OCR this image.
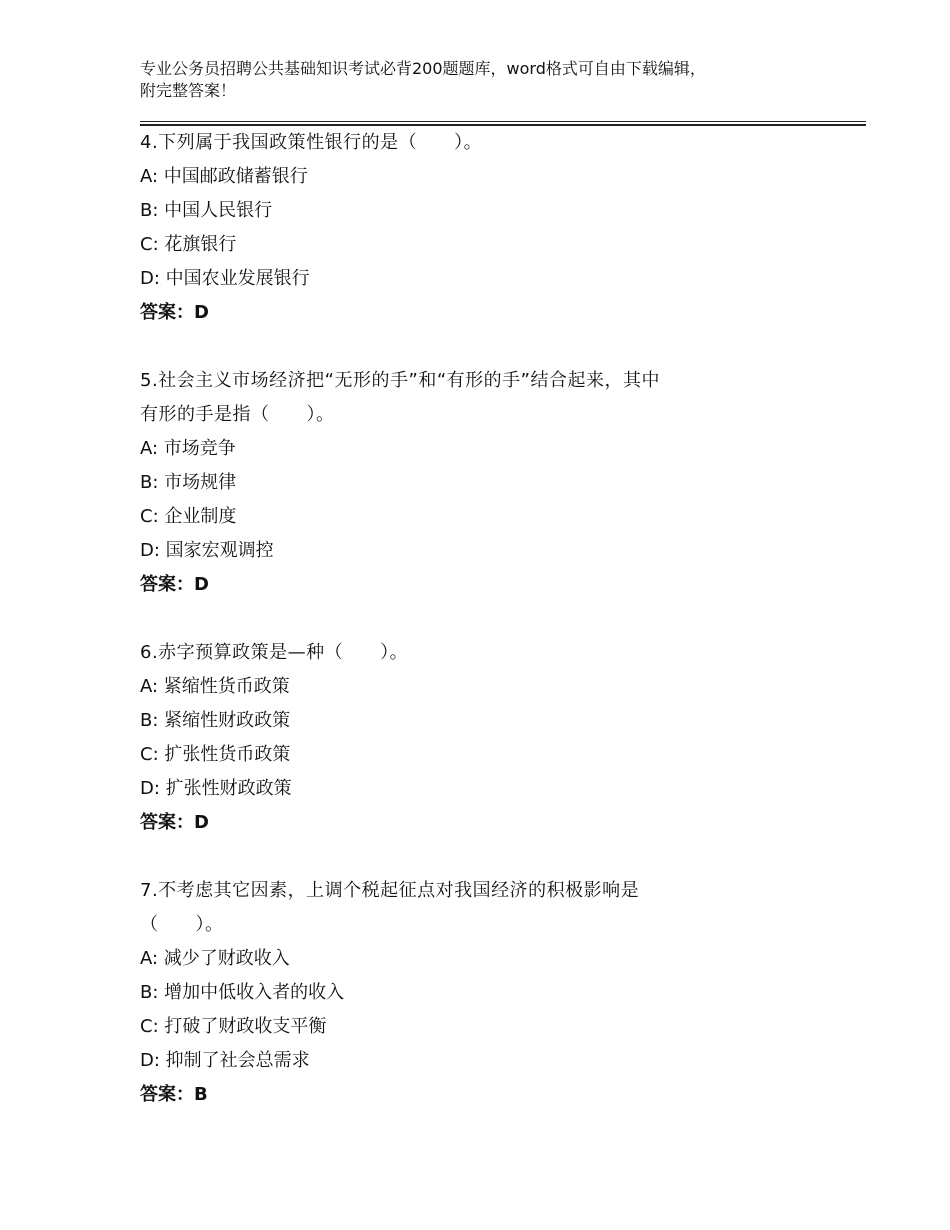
专业公务员招聘公共基础知识考试必背200题题库，word格式可自由下载编辑，
附完整答案！
4.下列属于我国政策性银行的是（　　）。
A: 中国邮政储蓄银行
B: 中国人民银行
C: 花旗银行
D: 中国农业发展银行
答案：D
5.社会主义市场经济把“无形的手”和“有形的手”结合起来，其中
有形的手是指（　　）。
A: 市场竞争
B: 市场规律
C: 企业制度
D: 国家宏观调控
答案：D
6.赤字预算政策是—种（　　）。
A: 紧缩性货币政策
B: 紧缩性财政政策
C: 扩张性货币政策
D: 扩张性财政政策
答案：D
7.不考虑其它因素，上调个税起征点对我国经济的积极影响是
（　　）。
A: 减少了财政收入
B: 增加中低收入者的收入
C: 打破了财政收支平衡
D: 抑制了社会总需求
答案：B
